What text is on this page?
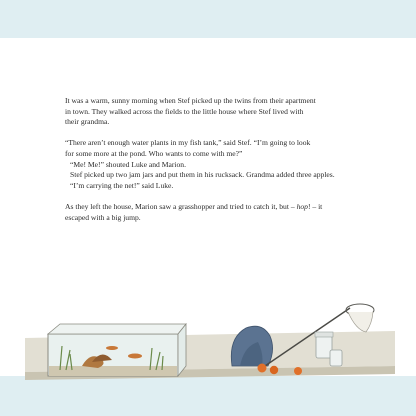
It was a warm, sunny morning when Stef picked up the twins from their apartment
in town. They walked across the fields to the little house where Stef lived with
their grandma.

“There aren’t enough water plants in my fish tank,” said Stef. “I’m going to look
for some more at the pond. Who wants to come with me?”
“Me! Me!” shouted Luke and Marion.
Stef picked up two jam jars and put them in his rucksack. Grandma added three apples.
“I’m carrying the net!” said Luke.

As they left the house, Marion saw a grasshopper and tried to catch it, but – hop! – it
escaped with a big jump.
